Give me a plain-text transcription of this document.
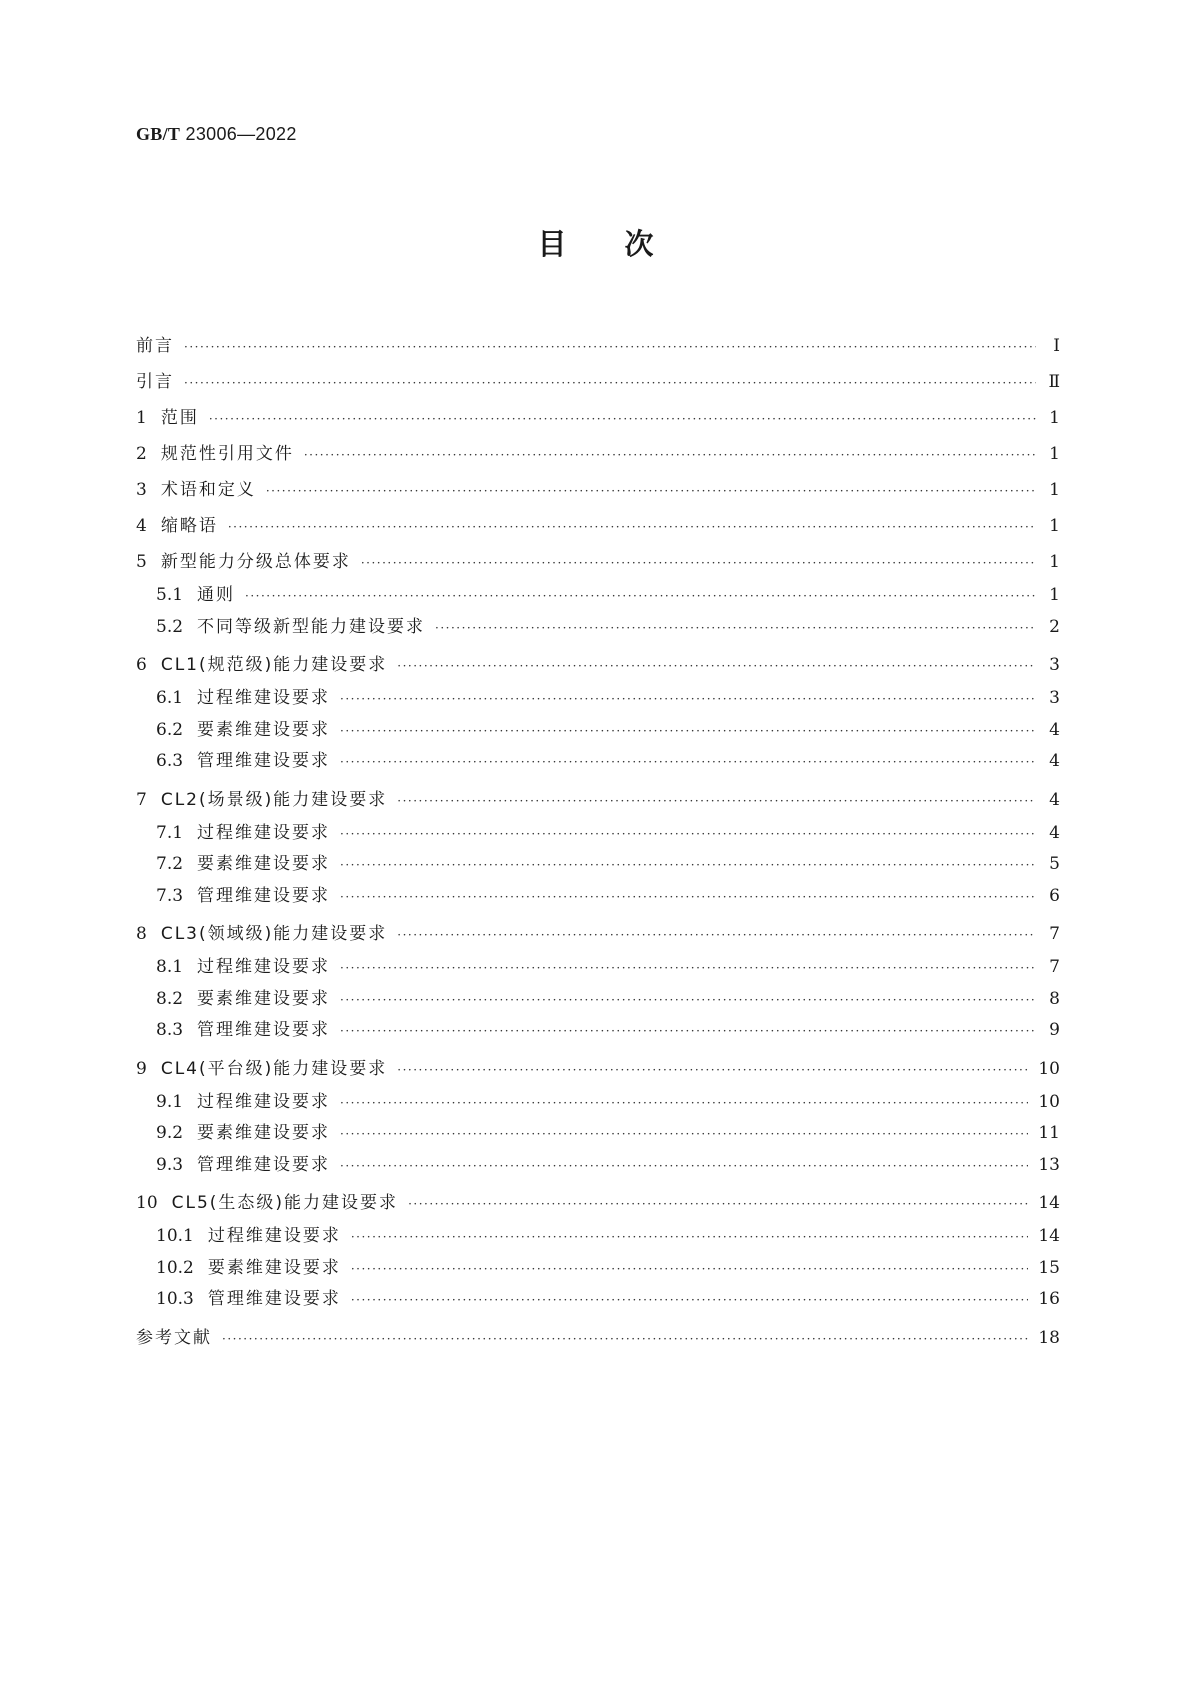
GB/T 23006—2022
目次
前言 ·····	Ⅰ
引言 ·····	Ⅱ
1 范围 ·····	1
2 规范性引用文件 ·····	1
3 术语和定义 ·····	1
4 缩略语 ·····	1
5 新型能力分级总体要求 ·····	1
5.1 通则 ·····	1
5.2 不同等级新型能力建设要求 ·····	2
6 CL1(规范级)能力建设要求 ·····	3
6.1 过程维建设要求 ·····	3
6.2 要素维建设要求 ·····	4
6.3 管理维建设要求 ·····	4
7 CL2(场景级)能力建设要求 ·····	4
7.1 过程维建设要求 ·····	4
7.2 要素维建设要求 ·····	5
7.3 管理维建设要求 ·····	6
8 CL3(领域级)能力建设要求 ·····	7
8.1 过程维建设要求 ·····	7
8.2 要素维建设要求 ·····	8
8.3 管理维建设要求 ·····	9
9 CL4(平台级)能力建设要求 ·····	10
9.1 过程维建设要求 ·····	10
9.2 要素维建设要求 ·····	11
9.3 管理维建设要求 ·····	13
10 CL5(生态级)能力建设要求 ·····	14
10.1 过程维建设要求 ·····	14
10.2 要素维建设要求 ·····	15
10.3 管理维建设要求 ·····	16
参考文献 ·····	18
